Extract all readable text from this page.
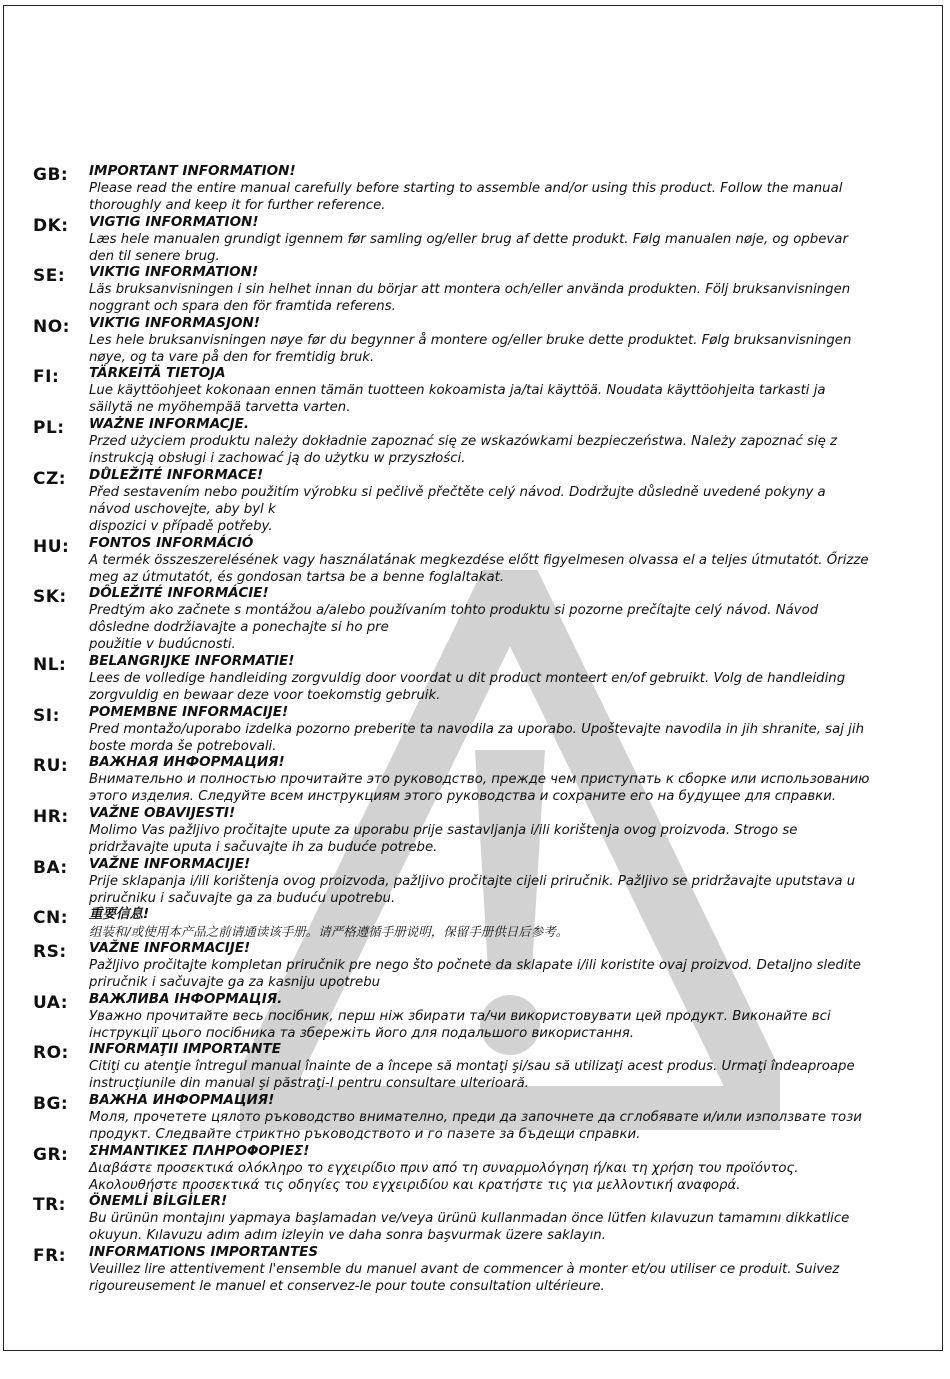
GB:	IMPORTANT INFORMATION!
Please read the entire manual carefully before starting to assemble and/or using this product. Follow the manual
thoroughly and keep it for further reference.
DK:	VIGTIG INFORMATION!
Læs hele manualen grundigt igennem før samling og/eller brug af dette produkt. Følg manualen nøje, og opbevar
den til senere brug.
SE:	VIKTIG INFORMATION!
Läs bruksanvisningen i sin helhet innan du börjar att montera och/eller använda produkten. Följ bruksanvisningen
noggrant och spara den för framtida referens.
NO:	VIKTIG INFORMASJON!
Les hele bruksanvisningen nøye før du begynner å montere og/eller bruke dette produktet. Følg bruksanvisningen
nøye, og ta vare på den for fremtidig bruk.
FI:	TÄRKEITÄ TIETOJA
Lue käyttöohjeet kokonaan ennen tämän tuotteen kokoamista ja/tai käyttöä. Noudata käyttöohjeita tarkasti ja
säilytä ne myöhempää tarvetta varten.
PL:	WAŻNE INFORMACJE.
Przed użyciem produktu należy dokładnie zapoznać się ze wskazówkami bezpieczeństwa. Należy zapoznać się z
instrukcją obsługi i zachować ją do użytku w przyszłości.
CZ:	DŮLEŽITÉ INFORMACE!
Před sestavením nebo použitím výrobku si pečlivě přečtěte celý návod. Dodržujte důsledně uvedené pokyny a
návod uschovejte, aby byl k
dispozici v případě potřeby.
HU:	FONTOS INFORMÁCIÓ
A termék összeszerelésének vagy használatának megkezdése előtt figyelmesen olvassa el a teljes útmutatót. Őrizze
meg az útmutatót, és gondosan tartsa be a benne foglaltakat.
SK:	DÔLEŽITÉ INFORMÁCIE!
Predtým ako začnete s montážou a/alebo používaním tohto produktu si pozorne prečítajte celý návod. Návod
dôsledne dodržiavajte a ponechajte si ho pre
použitie v budúcnosti.
NL:	BELANGRIJKE INFORMATIE!
Lees de volledige handleiding zorgvuldig door voordat u dit product monteert en/of gebruikt. Volg de handleiding
zorgvuldig en bewaar deze voor toekomstig gebruik.
SI:	POMEMBNE INFORMACIJE!
Pred montažo/uporabo izdelka pozorno preberite ta navodila za uporabo. Upoštevajte navodila in jih shranite, saj jih
boste morda še potrebovali.
RU:	ВАЖНАЯ ИНФОРМАЦИЯ!
Внимательно и полностью прочитайте это руководство, прежде чем приступать к сборке или использованию
этого изделия. Следуйте всем инструкциям этого руководства и сохраните его на будущее для справки.
HR:	VAŽNE OBAVIJESTI!
Molimo Vas pažljivo pročitajte upute za uporabu prije sastavljanja i/ili korištenja ovog proizvoda. Strogo se
pridržavajte uputa i sačuvajte ih za buduće potrebe.
BA:	VAŽNE INFORMACIJE!
Prije sklapanja i/ili korištenja ovog proizvoda, pažljivo pročitajte cijeli priručnik. Pažljivo se pridržavajte uputstava u
priručniku i sačuvajte ga za buduću upotrebu.
CN:	重要信息!
组装和/或使用本产品之前请通读该手册。请严格遵循手册说明，保留手册供日后参考。
RS:	VAŽNE INFORMACIJE!
Pažljivo pročitajte kompletan priručnik pre nego što počnete da sklapate i/ili koristite ovaj proizvod. Detaljno sledite
priručnik i sačuvajte ga za kasniju upotrebu
UA:	ВАЖЛИВА ІНФОРМАЦІЯ.
Уважно прочитайте весь посібник, перш ніж збирати та/чи використовувати цей продукт. Виконайте всі
інструкції цього посібника та збережіть його для подальшого використання.
RO:	INFORMAŢII IMPORTANTE
Citiţi cu atenţie întregul manual înainte de a începe să montaţi şi/sau să utilizaţi acest produs. Urmaţi îndeaproape
instrucţiunile din manual şi păstraţi-l pentru consultare ulterioară.
BG:	ВАЖНА ИНФОРМАЦИЯ!
Моля, прочетете цялото ръководство внимателно, преди да започнете да сглобявате и/или използвате този
продукт. Следвайте стриктно ръководството и го пазете за бъдещи справки.
GR:	ΣΗΜΑΝΤΙΚΕΣ ΠΛΗΡΟΦΟΡΙΕΣ!
Διαβάστε προσεκτικά ολόκληρο το εγχειρίδιο πριν από τη συναρμολόγηση ή/και τη χρήση του προϊόντος.
Ακολουθήστε προσεκτικά τις οδηγίες του εγχειριδίου και κρατήστε τις για μελλοντική αναφορά.
TR:	ÖNEMLİ BİLGİLER!
Bu ürünün montajını yapmaya başlamadan ve/veya ürünü kullanmadan önce lütfen kılavuzun tamamını dikkatlice
okuyun. Kılavuzu adım adım izleyin ve daha sonra başvurmak üzere saklayın.
FR:	INFORMATIONS IMPORTANTES
Veuillez lire attentivement l'ensemble du manuel avant de commencer à monter et/ou utiliser ce produit. Suivez
rigoureusement le manuel et conservez-le pour toute consultation ultérieure.
